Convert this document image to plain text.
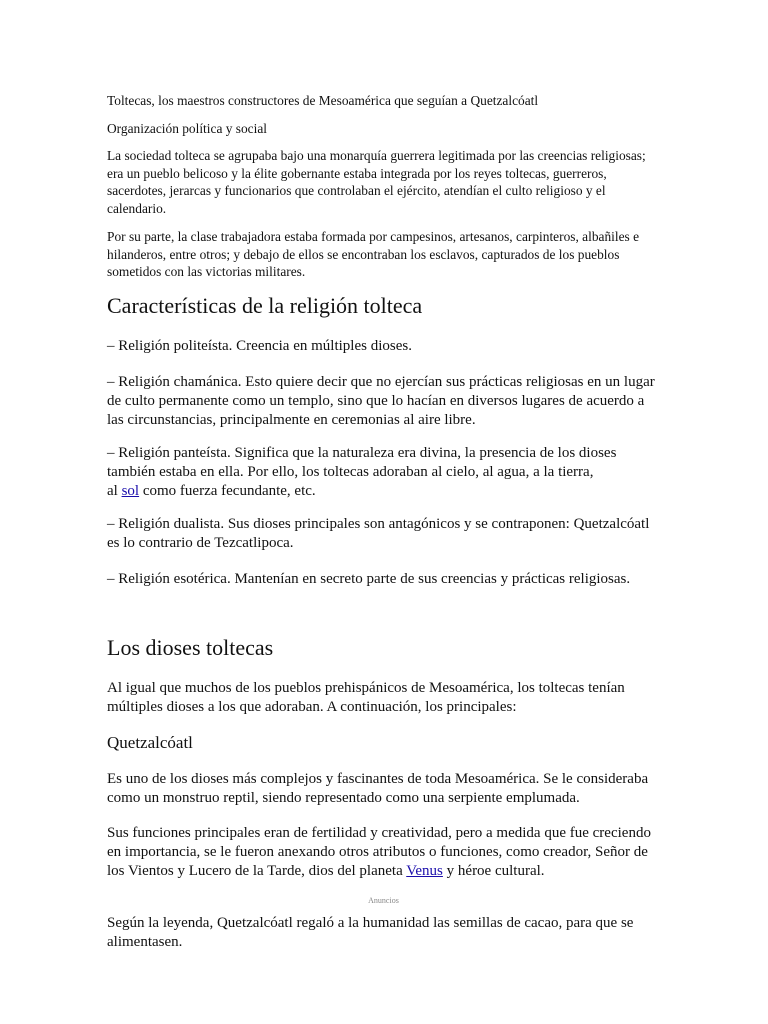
Toltecas, los maestros constructores de Mesoamérica que seguían a Quetzalcóatl

Organización política y social

La sociedad tolteca se agrupaba bajo una monarquía guerrera legitimada por las creencias religiosas; era un pueblo belicoso y la élite gobernante estaba integrada por los reyes toltecas, guerreros, sacerdotes, jerarcas y funcionarios que controlaban el ejército, atendían el culto religioso y el calendario.

Por su parte, la clase trabajadora estaba formada por campesinos, artesanos, carpinteros, albañiles e hilanderos, entre otros; y debajo de ellos se encontraban los esclavos, capturados de los pueblos sometidos con las victorias militares.

Características de la religión tolteca

– Religión politeísta. Creencia en múltiples dioses.

– Religión chamánica. Esto quiere decir que no ejercían sus prácticas religiosas en un lugar de culto permanente como un templo, sino que lo hacían en diversos lugares de acuerdo a las circunstancias, principalmente en ceremonias al aire libre.

– Religión panteísta. Significa que la naturaleza era divina, la presencia de los dioses también estaba en ella. Por ello, los toltecas adoraban al cielo, al agua, a la tierra,

al sol como fuerza fecundante, etc.

– Religión dualista. Sus dioses principales son antagónicos y se contraponen: Quetzalcóatl es lo contrario de Tezcatlipoca.

– Religión esotérica. Mantenían en secreto parte de sus creencias y prácticas religiosas.

Los dioses toltecas

Al igual que muchos de los pueblos prehispánicos de Mesoamérica, los toltecas tenían múltiples dioses a los que adoraban. A continuación, los principales:

Quetzalcóatl

Es uno de los dioses más complejos y fascinantes de toda Mesoamérica. Se le consideraba como un monstruo reptil, siendo representado como una serpiente emplumada.

Sus funciones principales eran de fertilidad y creatividad, pero a medida que fue creciendo en importancia, se le fueron anexando otros atributos o funciones, como creador, Señor de los Vientos y Lucero de la Tarde, dios del planeta Venus y héroe cultural.

Anuncios

Según la leyenda, Quetzalcóatl regaló a la humanidad las semillas de cacao, para que se alimentasen.
